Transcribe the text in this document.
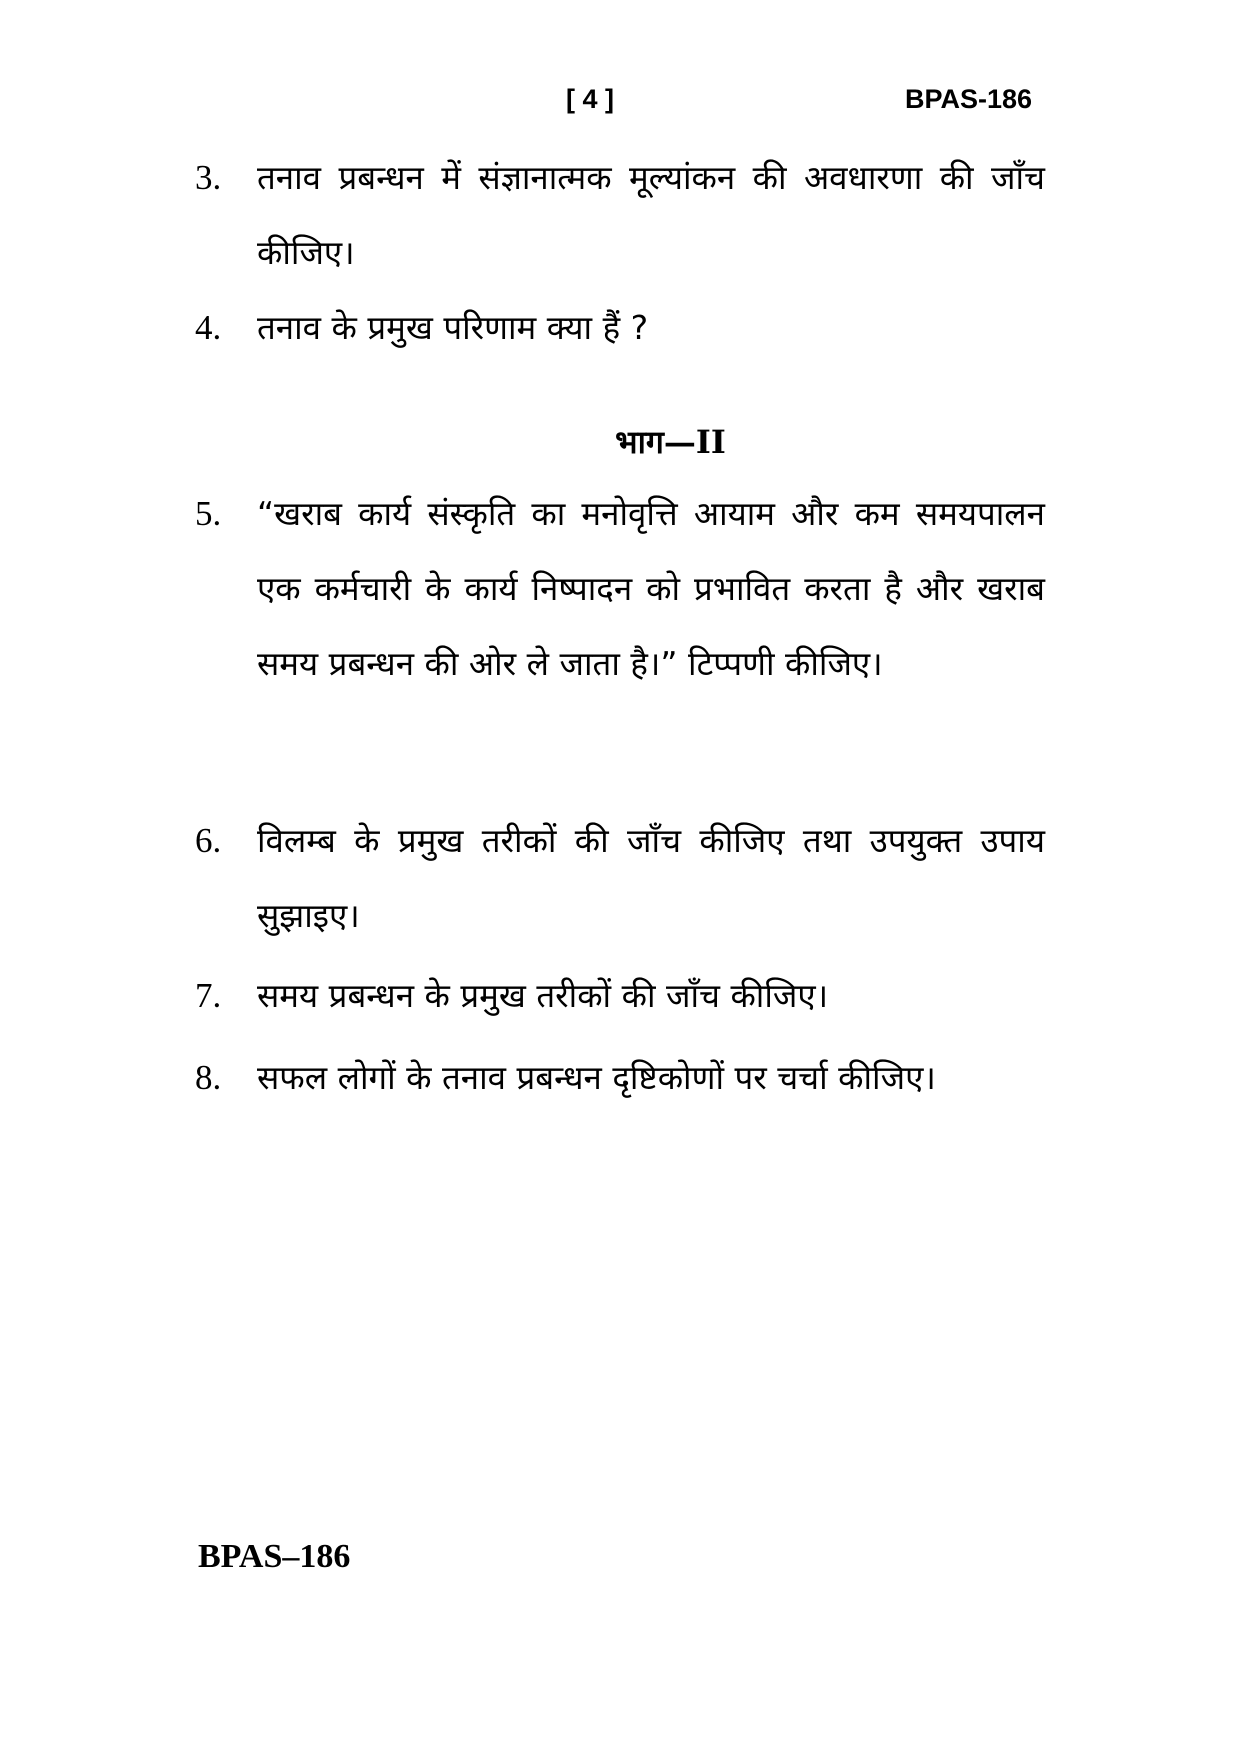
[ 4 ]	BPAS-186
3. तनाव प्रबन्धन में संज्ञानात्मक मूल्यांकन की अवधारणा की जाँच कीजिए।
4. तनाव के प्रमुख परिणाम क्या हैं ?
भाग—II
5. “खराब कार्य संस्कृति का मनोवृत्ति आयाम और कम समयपालन एक कर्मचारी के कार्य निष्पादन को प्रभावित करता है और खराब समय प्रबन्धन की ओर ले जाता है।” टिप्पणी कीजिए।
6. विलम्ब के प्रमुख तरीकों की जाँच कीजिए तथा उपयुक्त उपाय सुझाइए।
7. समय प्रबन्धन के प्रमुख तरीकों की जाँच कीजिए।
8. सफल लोगों के तनाव प्रबन्धन दृष्टिकोणों पर चर्चा कीजिए।
BPAS–186
